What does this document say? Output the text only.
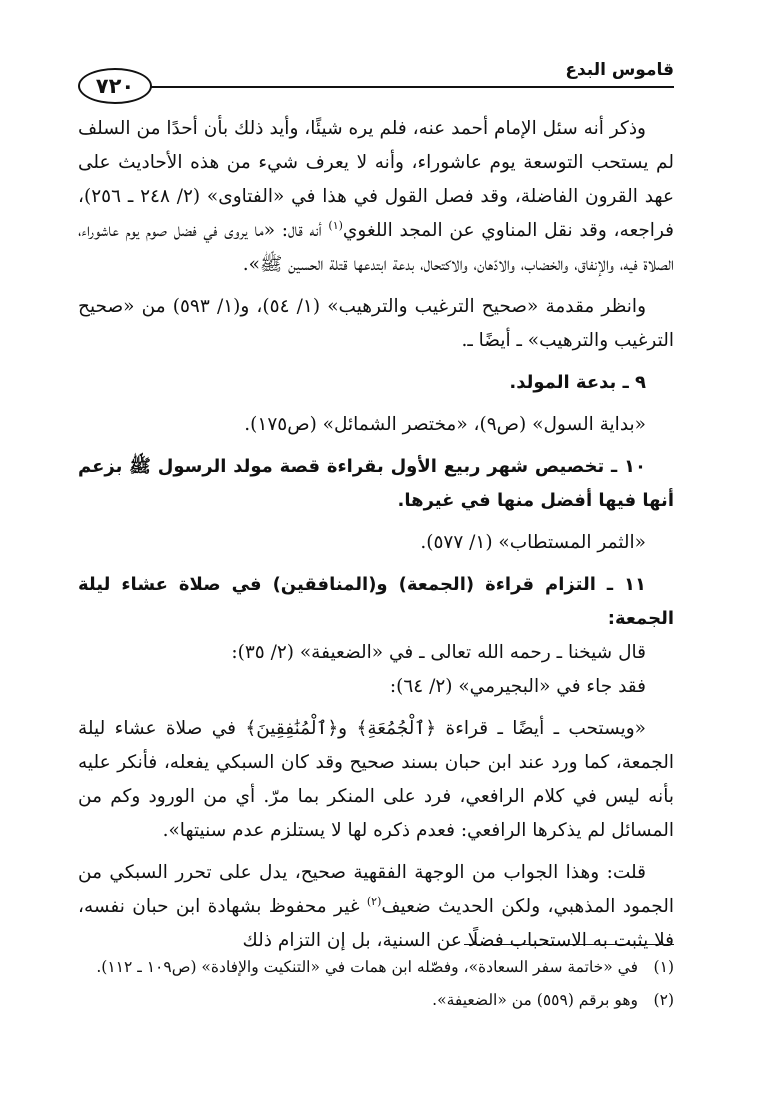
قاموس البدع
٧٢٠

وذكر أنه سئل الإمام أحمد عنه، فلم يره شيئًا، وأيد ذلك بأن أحدًا من السلف لم يستحب التوسعة يوم عاشوراء، وأنه لا يعرف شيء من هذه الأحاديث على عهد القرون الفاضلة، وقد فصل القول في هذا في «الفتاوى» (٢/ ٢٤٨ ـ ٢٥٦)، فراجعه، وقد نقل المناوي عن المجد اللغوي$^{(١)}$ أنه قال: «ما يروى في فضل صوم يوم عاشوراء، الصلاة فيه، والإنفاق، والخضاب، والادّهان، والاكتحال، بدعة ابتدعها قتلة الحسين ﷺ».

وانظر مقدمة «صحيح الترغيب والترهيب» (١/ ٥٤)، و(١/ ٥٩٣) من «صحيح الترغيب والترهيب» ـ أيضًا ـ.

٩ ـ بدعة المولد.

«بداية السول» (ص٩)، «مختصر الشمائل» (ص١٧٥).

١٠ ـ تخصيص شهر ربيع الأول بقراءة قصة مولد الرسول ﷺ بزعم أنها فيها أفضل منها في غيرها.

«الثمر المستطاب» (١/ ٥٧٧).

١١ ـ التزام قراءة (الجمعة) و(المنافقين) في صلاة عشاء ليلة الجمعة:

قال شيخنا ـ رحمه الله تعالى ـ في «الضعيفة» (٢/ ٣٥):

فقد جاء في «البجيرمي» (٢/ ٦٤):

«ويستحب ـ أيضًا ـ قراءة ﴿ٱلْجُمُعَةِ﴾ و﴿ٱلْمُنَٰفِقِينَ﴾ في صلاة عشاء ليلة الجمعة، كما ورد عند ابن حبان بسند صحيح وقد كان السبكي يفعله، فأنكر عليه بأنه ليس في كلام الرافعي، فرد على المنكر بما مرّ. أي من الورود وكم من المسائل لم يذكرها الرافعي: فعدم ذكره لها لا يستلزم عدم سنيتها».

قلت: وهذا الجواب من الوجهة الفقهية صحيح، يدل على تحرر السبكي من الجمود المذهبي، ولكن الحديث ضعيف$^{(٢)}$ غير محفوظ بشهادة ابن حبان نفسه، فلا يثبت به الاستحباب فضلًا عن السنية، بل إن التزام ذلك

(١)
في «خاتمة سفر السعادة»، وفصّله ابن همات في «التنكيت والإفادة» (ص١٠٩ ـ ١١٢).

(٢)
وهو برقم (٥٥٩) من «الضعيفة».
